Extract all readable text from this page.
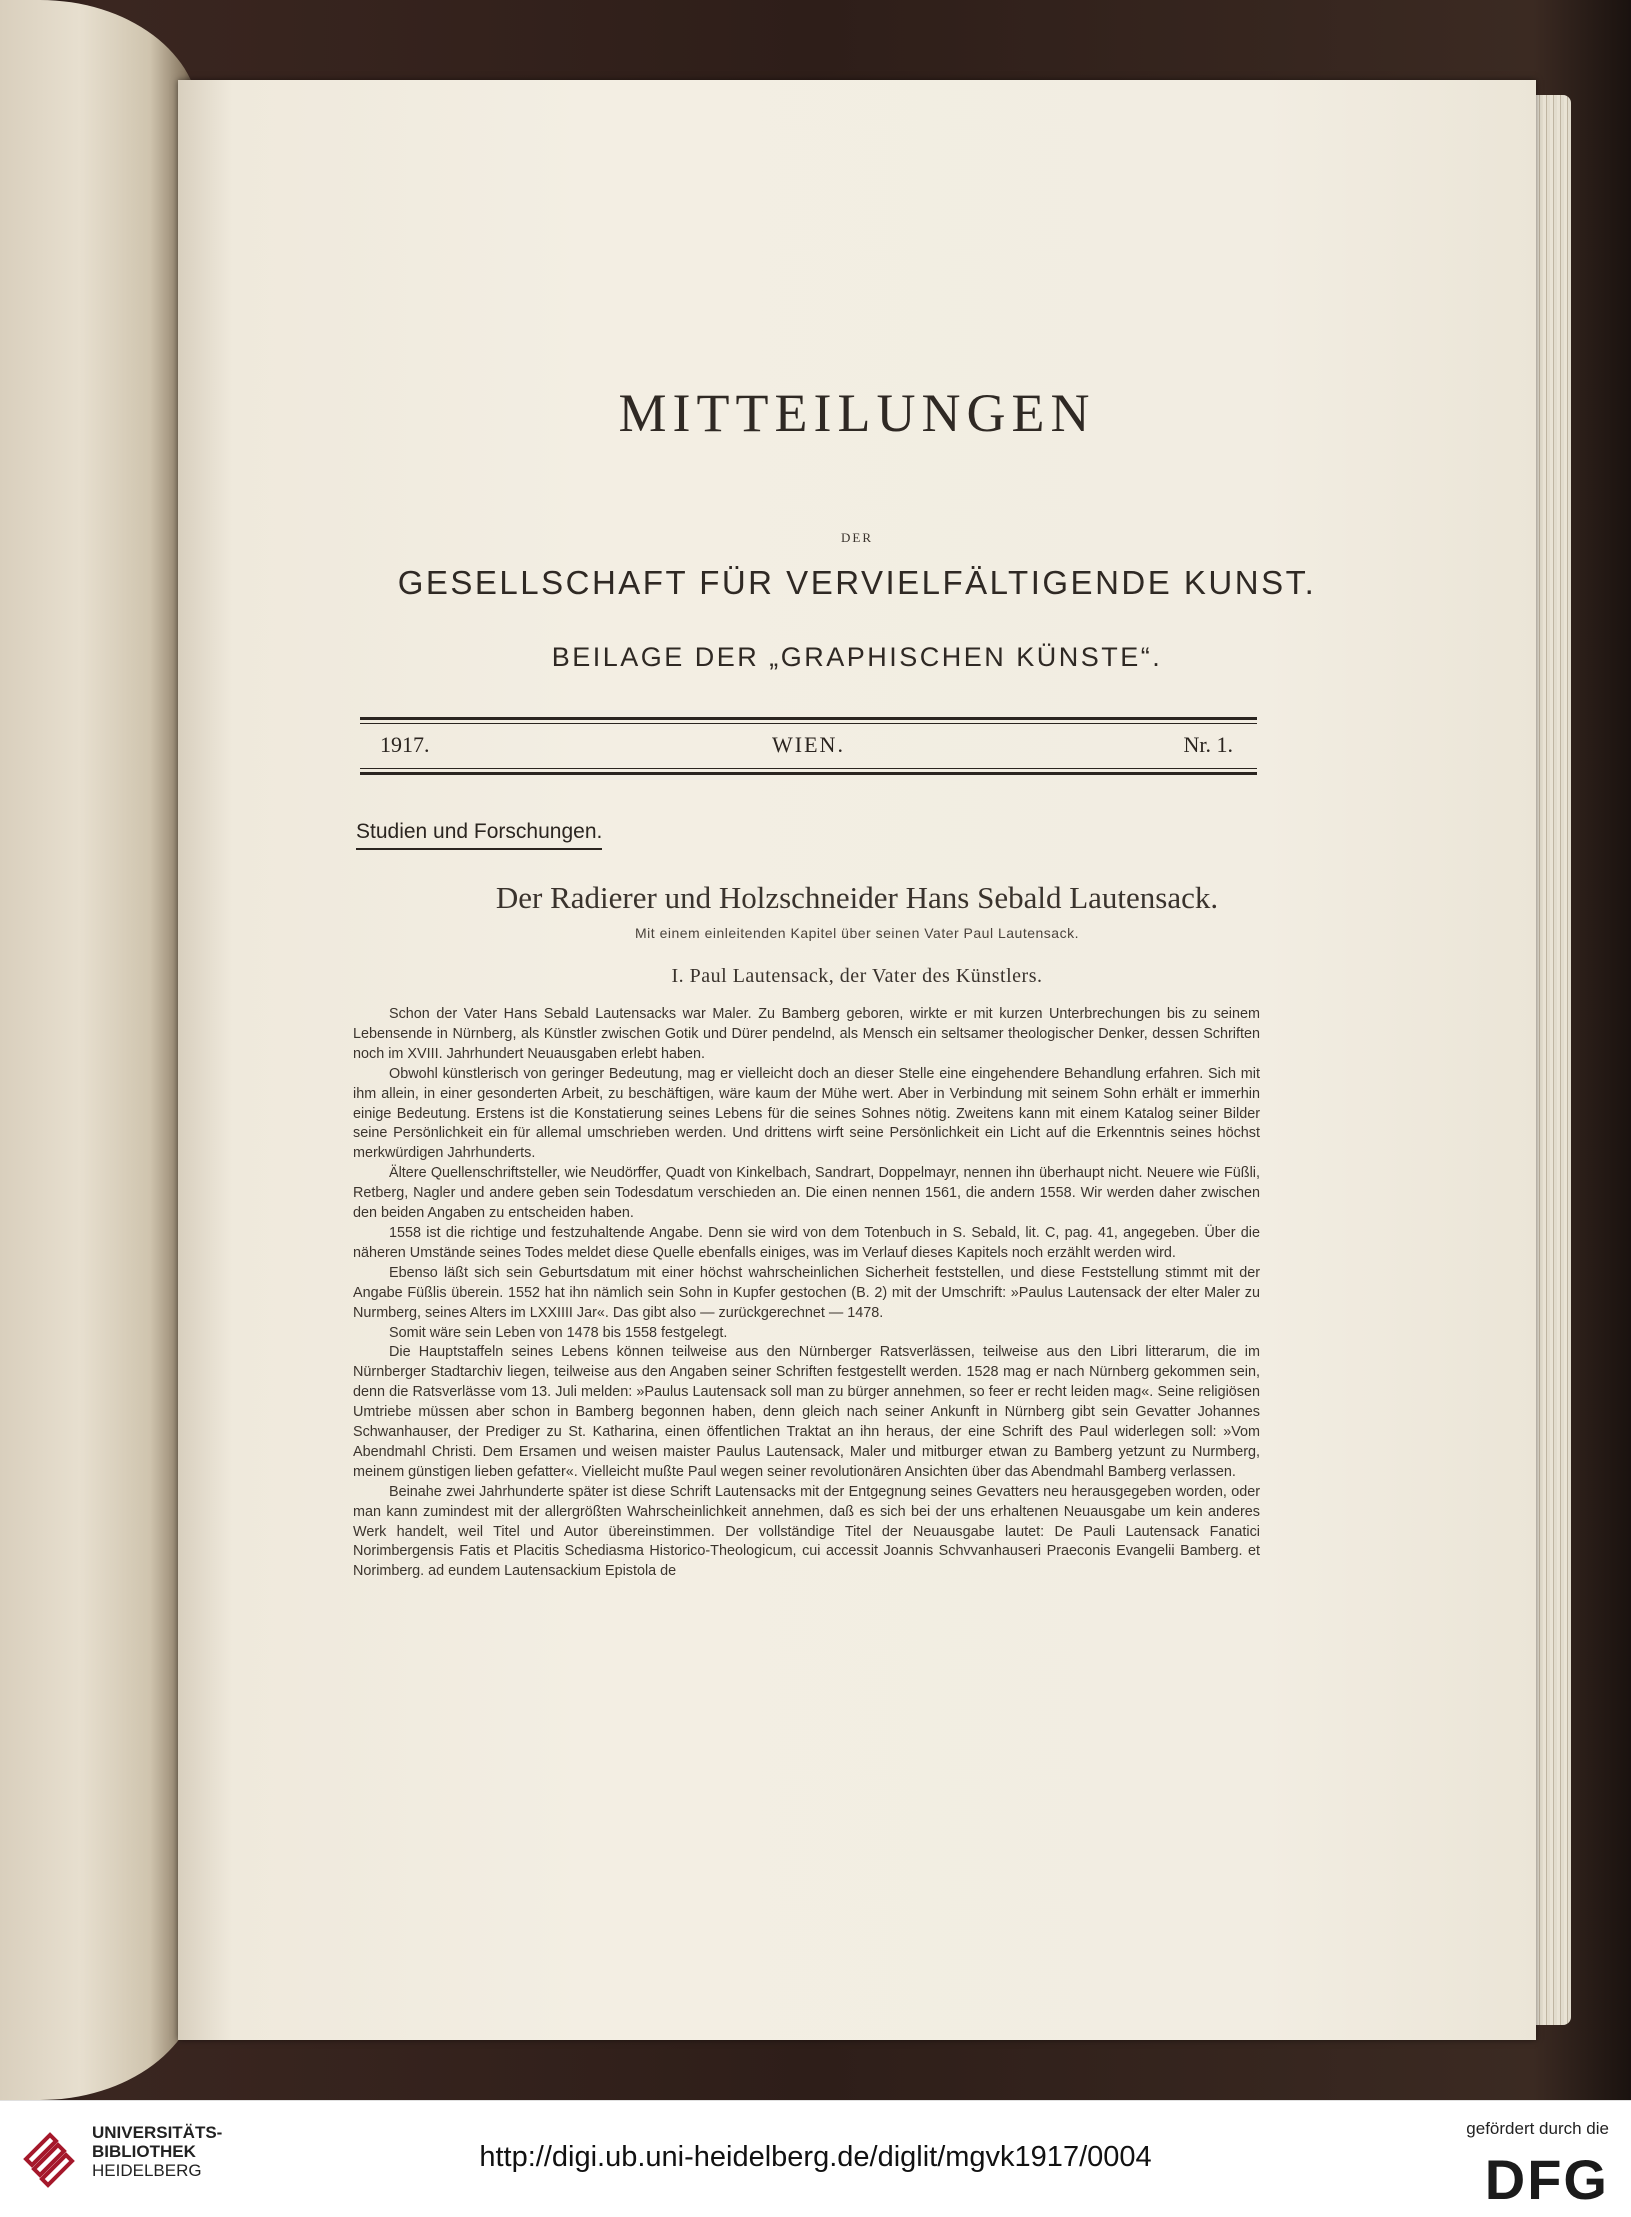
MITTEILUNGEN
DER
GESELLSCHAFT FÜR VERVIELFÄLTIGENDE KUNST.
BEILAGE DER „GRAPHISCHEN KÜNSTE“.
1917.	WIEN.	Nr. 1.
Studien und Forschungen.
Der Radierer und Holzschneider Hans Sebald Lautensack.
Mit einem einleitenden Kapitel über seinen Vater Paul Lautensack.
I. Paul Lautensack, der Vater des Künstlers.

Schon der Vater Hans Sebald Lautensacks war Maler. Zu Bamberg geboren, wirkte er mit kurzen Unterbrechungen bis zu seinem Lebensende in Nürnberg, als Künstler zwischen Gotik und Dürer pendelnd, als Mensch ein seltsamer theologischer Denker, dessen Schriften noch im XVIII. Jahrhundert Neuausgaben erlebt haben.

Obwohl künstlerisch von geringer Bedeutung, mag er vielleicht doch an dieser Stelle eine eingehendere Behandlung erfahren. Sich mit ihm allein, in einer gesonderten Arbeit, zu beschäftigen, wäre kaum der Mühe wert. Aber in Verbindung mit seinem Sohn erhält er immerhin einige Bedeutung. Erstens ist die Konstatierung seines Lebens für die seines Sohnes nötig. Zweitens kann mit einem Katalog seiner Bilder seine Persönlichkeit ein für allemal umschrieben werden. Und drittens wirft seine Persönlichkeit ein Licht auf die Erkenntnis seines höchst merkwürdigen Jahrhunderts.

Ältere Quellenschriftsteller, wie Neudörffer, Quadt von Kinkelbach, Sandrart, Doppelmayr, nennen ihn überhaupt nicht. Neuere wie Füßli, Retberg, Nagler und andere geben sein Todesdatum verschieden an. Die einen nennen 1561, die andern 1558. Wir werden daher zwischen den beiden Angaben zu entscheiden haben.

1558 ist die richtige und festzuhaltende Angabe. Denn sie wird von dem Totenbuch in S. Sebald, lit. C, pag. 41, angegeben. Über die näheren Umstände seines Todes meldet diese Quelle ebenfalls einiges, was im Verlauf dieses Kapitels noch erzählt werden wird.

Ebenso läßt sich sein Geburtsdatum mit einer höchst wahrscheinlichen Sicherheit feststellen, und diese Feststellung stimmt mit der Angabe Füßlis überein. 1552 hat ihn nämlich sein Sohn in Kupfer gestochen (B. 2) mit der Umschrift: »Paulus Lautensack der elter Maler zu Nurmberg, seines Alters im LXXIIII Jar«. Das gibt also — zurückgerechnet — 1478.

Somit wäre sein Leben von 1478 bis 1558 festgelegt.

Die Hauptstaffeln seines Lebens können teilweise aus den Nürnberger Ratsverlässen, teilweise aus den Libri litterarum, die im Nürnberger Stadtarchiv liegen, teilweise aus den Angaben seiner Schriften festgestellt werden. 1528 mag er nach Nürnberg gekommen sein, denn die Ratsverlässe vom 13. Juli melden: »Paulus Lautensack soll man zu bürger annehmen, so feer er recht leiden mag«. Seine religiösen Umtriebe müssen aber schon in Bamberg begonnen haben, denn gleich nach seiner Ankunft in Nürnberg gibt sein Gevatter Johannes Schwanhauser, der Prediger zu St. Katharina, einen öffentlichen Traktat an ihn heraus, der eine Schrift des Paul widerlegen soll: »Vom Abendmahl Christi. Dem Ersamen und weisen maister Paulus Lautensack, Maler und mitburger etwan zu Bamberg yetzunt zu Nurmberg, meinem günstigen lieben gefatter«. Vielleicht mußte Paul wegen seiner revolutionären Ansichten über das Abendmahl Bamberg verlassen.

Beinahe zwei Jahrhunderte später ist diese Schrift Lautensacks mit der Entgegnung seines Gevatters neu herausgegeben worden, oder man kann zumindest mit der allergrößten Wahrscheinlichkeit annehmen, daß es sich bei der uns erhaltenen Neuausgabe um kein anderes Werk handelt, weil Titel und Autor übereinstimmen. Der vollständige Titel der Neuausgabe lautet: De Pauli Lautensack Fanatici Norimbergensis Fatis et Placitis Schediasma Historico-Theologicum, cui accessit Joannis Schvvanhauseri Praeconis Evangelii Bamberg. et Norimberg. ad eundem Lautensackium Epistola de

UNIVERSITÄTS-
BIBLIOTHEK
HEIDELBERG	http://digi.ub.uni-heidelberg.de/diglit/mgvk1917/0004
gefördert durch die
DFG
